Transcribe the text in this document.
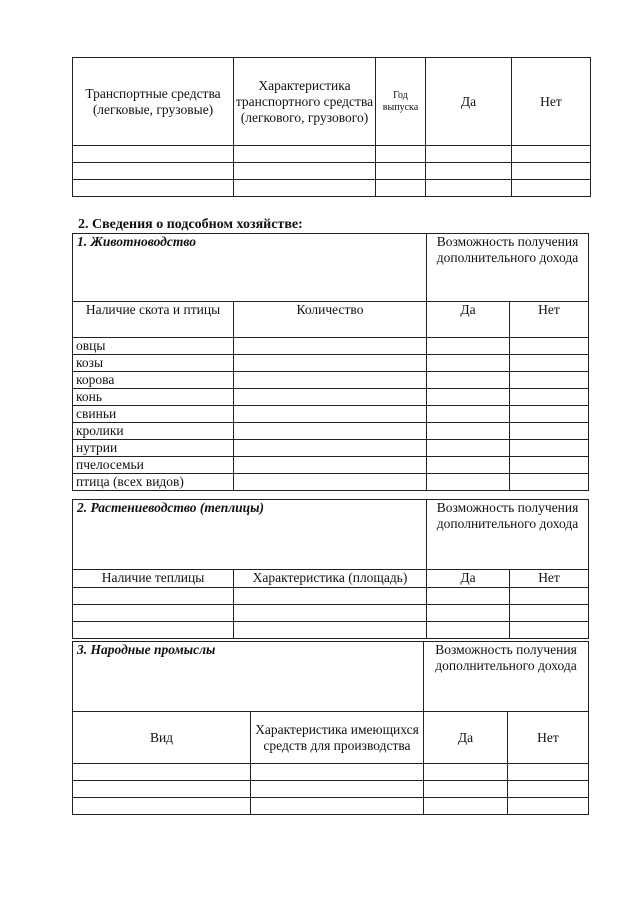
Транспортные средства (легковые, грузовые)	Характеристика транспортного средства (легкового, грузового)	Год выпуска	Да	Нет

2. Сведения о подсобном хозяйстве:
1. Животноводство		Возможность получения дополнительного дохода	
Наличие скота и птицы	Количество	Да	Нет
овцы			
козы			
корова			
конь			
свиньи			
кролики			
нутрии			
пчелосемьи			
птица (всех видов)			
2. Растениеводство (теплицы)		Возможность получения дополнительного дохода	
Наличие теплицы	Характеристика (площадь)	Да	Нет

3. Народные промыслы		Возможность получения дополнительного дохода	
Вид	Характеристика имеющихся средств для производства	Да	Нет
